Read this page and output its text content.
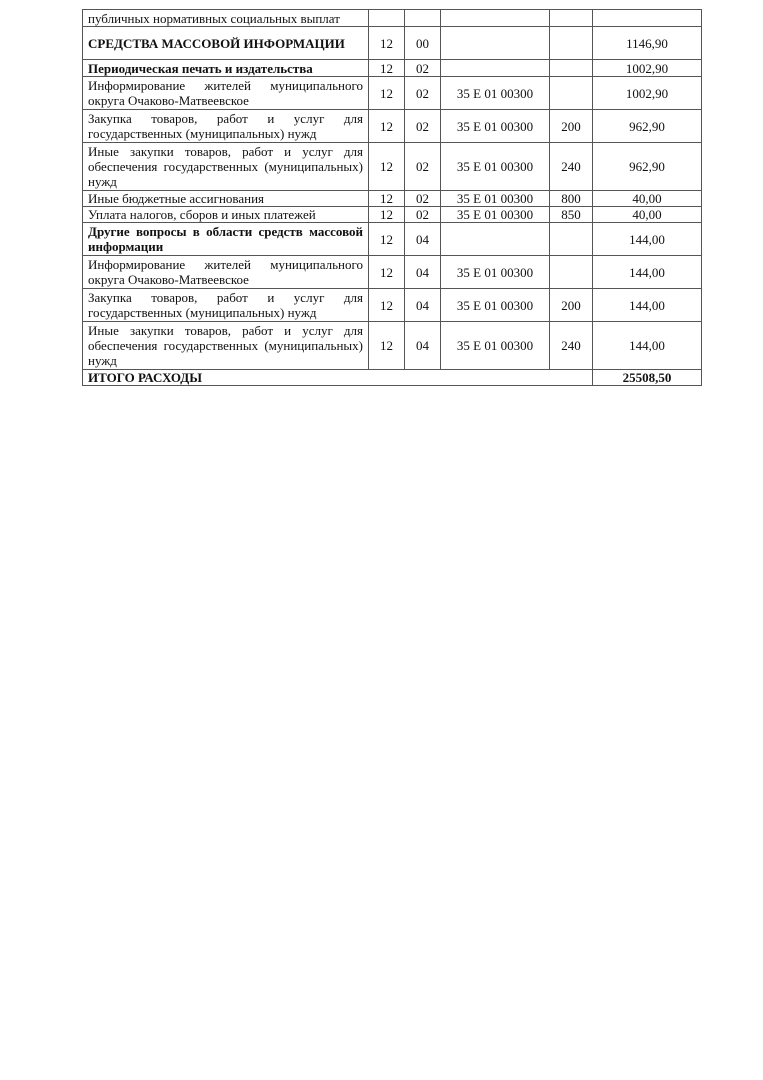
публичных нормативных социальных выплат					
СРЕДСТВА МАССОВОЙ ИНФОРМАЦИИ	12	00			1146,90
Периодическая печать и издательства	12	02			1002,90
Информирование жителей муниципального округа Очаково-Матвеевское	12	02	35 Е 01 00300		1002,90
Закупка товаров, работ и услуг для государственных (муниципальных) нужд	12	02	35 Е 01 00300	200	962,90
Иные закупки товаров, работ и услуг для обеспечения государственных (муниципальных) нужд	12	02	35 Е 01 00300	240	962,90
Иные бюджетные ассигнования	12	02	35 Е 01 00300	800	40,00
Уплата налогов, сборов и иных платежей	12	02	35 Е 01 00300	850	40,00
Другие вопросы в области средств массовой информации	12	04			144,00
Информирование жителей муниципального округа Очаково-Матвеевское	12	04	35 Е 01 00300		144,00
Закупка товаров, работ и услуг для государственных (муниципальных) нужд	12	04	35 Е 01 00300	200	144,00
Иные закупки товаров, работ и услуг для обеспечения государственных (муниципальных) нужд	12	04	35 Е 01 00300	240	144,00
ИТОГО РАСХОДЫ					25508,50
